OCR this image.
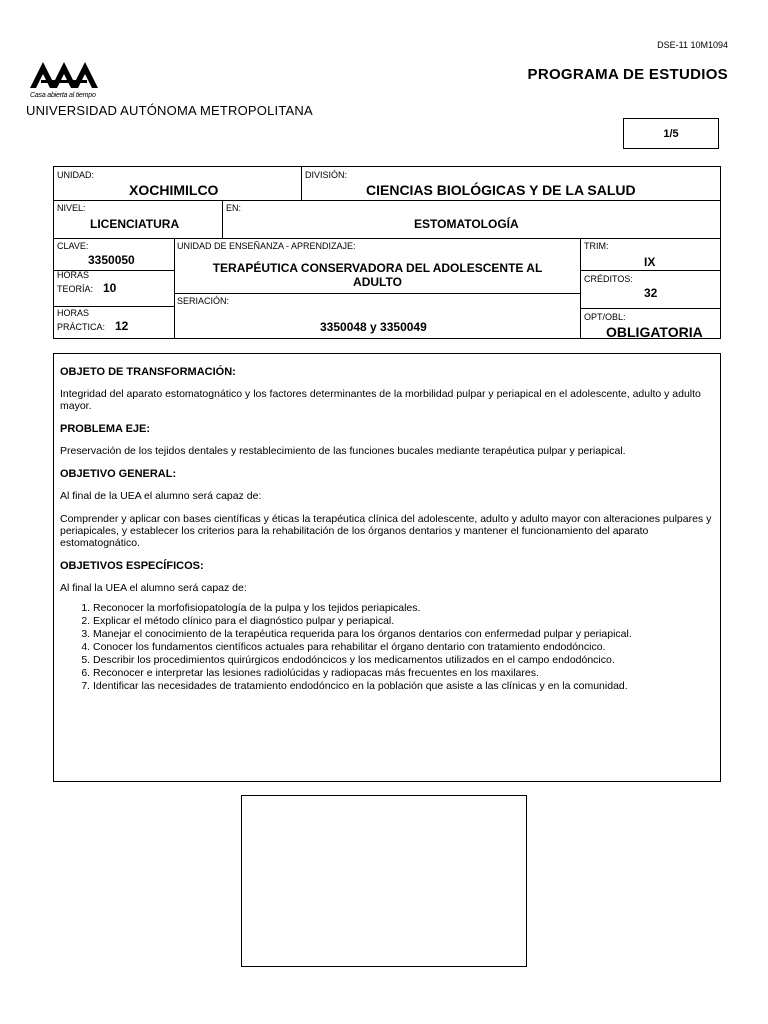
DSE-11 10M1094
Casa abierta al tiempo
UNIVERSIDAD AUTÓNOMA METROPOLITANA
PROGRAMA DE ESTUDIOS
1/5
UNIDAD:
XOCHIMILCO
DIVISIÓN:
CIENCIAS BIOLÓGICAS Y DE LA SALUD
NIVEL:
LICENCIATURA
EN:
ESTOMATOLOGÍA
CLAVE:
3350050
HORAS
TEORÍA: 10
HORAS
PRÁCTICA: 12
UNIDAD DE ENSEÑANZA - APRENDIZAJE:
TERAPÉUTICA CONSERVADORA DEL ADOLESCENTE AL
ADULTO
SERIACIÓN:
3350048 y 3350049
TRIM:
IX
CRÉDITOS:
32
OPT/OBL:
OBLIGATORIA
OBJETO DE TRANSFORMACIÓN:

Integridad del aparato estomatognático y los factores determinantes de la morbilidad pulpar y periapical en el adolescente, adulto y adulto mayor.

PROBLEMA EJE:

Preservación de los tejidos dentales y restablecimiento de las funciones bucales mediante terapéutica pulpar y periapical.

OBJETIVO GENERAL:

Al final de la UEA el alumno será capaz de:

Comprender y aplicar con bases científicas y éticas la terapéutica clínica del adolescente, adulto y adulto mayor con alteraciones pulpares y periapicales, y establecer los criterios para la rehabilitación de los órganos dentarios y mantener el funcionamiento del aparato estomatognático.

OBJETIVOS ESPECÍFICOS:

Al final la UEA el alumno será capaz de:

1. Reconocer la morfofisiopatología de la pulpa y los tejidos periapicales.
2. Explicar el método clínico para el diagnóstico pulpar y periapical.
3. Manejar el conocimiento de la terapéutica requerida para los órganos dentarios con enfermedad pulpar y periapical.
4. Conocer los fundamentos científicos actuales para rehabilitar el órgano dentario con tratamiento endodóncico.
5. Describir los procedimientos quirúrgicos endodóncicos y los medicamentos utilizados en el campo endodóncico.
6. Reconocer e interpretar las lesiones radiolúcidas y radiopacas más frecuentes en los maxilares.
7. Identificar las necesidades de tratamiento endodóncico en la población que asiste a las clínicas y en la comunidad.
